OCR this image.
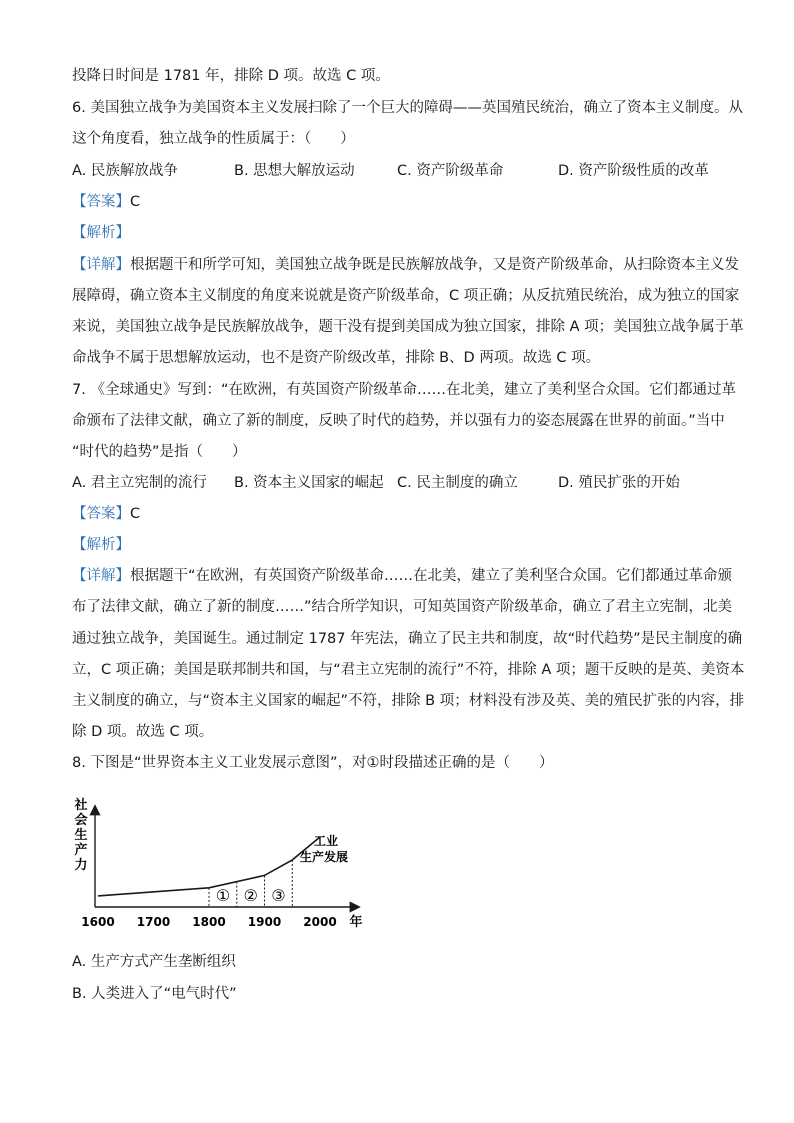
投降日时间是 1781 年，排除 D 项。故选 C 项。
6. 美国独立战争为美国资本主义发展扫除了一个巨大的障碍——英国殖民统治，确立了资本主义制度。从
这个角度看，独立战争的性质属于：（　　）
A. 民族解放战争	B. 思想大解放运动	C. 资产阶级革命	D. 资产阶级性质的改革
【答案】C
【解析】
【详解】根据题干和所学可知，美国独立战争既是民族解放战争，又是资产阶级革命，从扫除资本主义发
展障碍，确立资本主义制度的角度来说就是资产阶级革命，C 项正确；从反抗殖民统治，成为独立的国家
来说，美国独立战争是民族解放战争，题干没有提到美国成为独立国家，排除 A 项；美国独立战争属于革
命战争不属于思想解放运动，也不是资产阶级改革，排除 B、D 两项。故选 C 项。
7. 《全球通史》写到：“在欧洲，有英国资产阶级革命……在北美，建立了美利坚合众国。它们都通过革
命颁布了法律文献，确立了新的制度，反映了时代的趋势，并以强有力的姿态展露在世界的前面。”当中
“时代的趋势”是指（　　）
A. 君主立宪制的流行 B. 资本主义国家的崛起 C. 民主制度的确立	D. 殖民扩张的开始
【答案】C
【解析】
【详解】根据题干“在欧洲，有英国资产阶级革命……在北美，建立了美利坚合众国。它们都通过革命颁
布了法律文献，确立了新的制度……”结合所学知识，可知英国资产阶级革命，确立了君主立宪制，北美
通过独立战争，美国诞生。通过制定 1787 年宪法，确立了民主共和制度，故“时代趋势”是民主制度的确
立，C 项正确；美国是联邦制共和国，与“君主立宪制的流行”不符，排除 A 项；题干反映的是英、美资本
主义制度的确立，与“资本主义国家的崛起”不符，排除 B 项；材料没有涉及英、美的殖民扩张的内容，排
除 D 项。故选 C 项。
8. 下图是“世界资本主义工业发展示意图”，对①时段描述正确的是（　　）
社会生产力
1600 1700 1800 1900 2000 年
① ② ③
工业
生产发展
A. 生产方式产生垄断组织
B. 人类进入了“电气时代”
